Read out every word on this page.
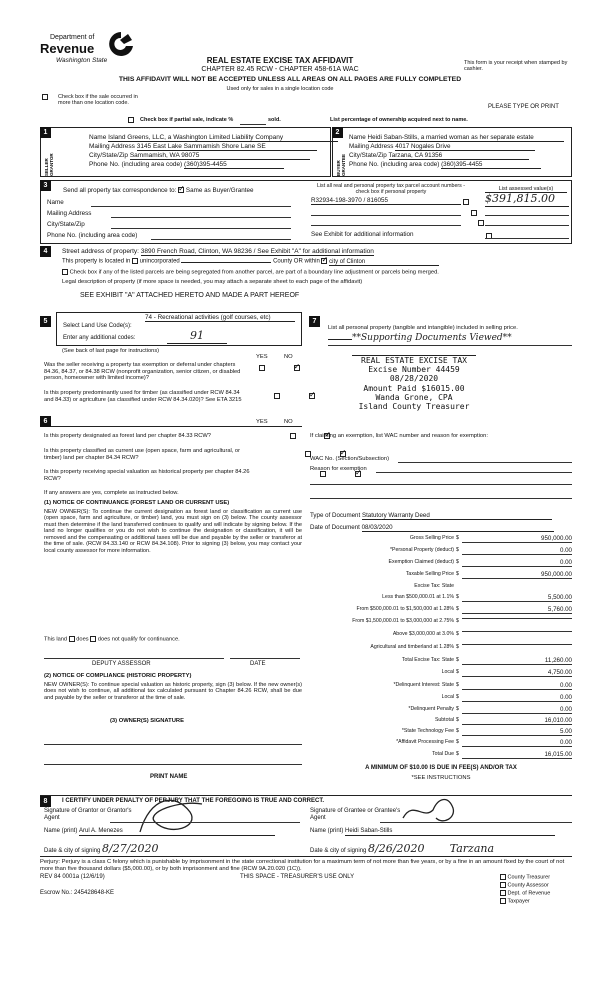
Department of
Revenue
Washington State	REAL ESTATE EXCISE TAX AFFIDAVIT
CHAPTER 82.45 RCW - CHAPTER 458-61A WAC
THIS AFFIDAVIT WILL NOT BE ACCEPTED UNLESS ALL AREAS ON ALL PAGES ARE FULLY COMPLETED
Used only for sales in a single location code
This form is your receipt when stamped by cashier.
Check box if the sale occurred in more than one location code.
PLEASE TYPE OR PRINT
Check box if partial sale, indicate %	sold.	List percentage of ownership acquired next to name.
1
SELLER GRANTOR
Name Island Greens, LLC, a Washington Limited Liability Company
Mailing Address 3145 East Lake Sammamish Shore Lane SE
City/State/Zip Sammamish, WA 98075
Phone No. (including area code) (360)395-4455
2
BUYER GRANTEE
Name Heidi Saban-Stills, a married woman as her separate estate
Mailing Address 4017 Nogales Drive
City/State/Zip Tarzana, CA 91356
Phone No. (including area code) (360)395-4455
3
Send all property tax correspondence to: ✓ Same as Buyer/Grantee
Name
Mailing Address
City/State/Zip
Phone No. (including area code)
List all real and personal property tax parcel account numbers - check box if personal property
List assessed value(s)
R32934-198-3970 / 816055
	$391,815.00

See Exhibit for additional information
4	Street address of property: 3890 French Road, Clinton, WA 98236 / See Exhibit "A" for additional information
This property is located in unincorporated	County OR within ✓ city of Clinton
Check box if any of the listed parcels are being segregated from another parcel, are part of a boundary line adjustment or parcels being merged.
Legal description of property (if more space is needed, you may attach a separate sheet to each page of the affidavit)
SEE EXHIBIT "A" ATTACHED HERETO AND MADE A PART HEREOF
5
Select Land Use Code(s):
74 - Recreational activities (golf courses, etc)
Enter any additional codes:	91
(See back of last page for instructions)
YES	NO
Was the seller receiving a property tax exemption or deferral under chapters 84.36, 84.37, or 84.38 RCW (nonprofit organization, senior citizen, or disabled person, homeowner with limited income)?
✓
Is this property predominantly used for timber (as classified under RCW 84.34 and 84.33) or agriculture (as classified under RCW 84.34.020)? See ETA 3215
✓
6	YES	NO
Is this property designated as forest land per chapter 84.33 RCW?
✓
Is this property classified as current use (open space, farm and agricultural, or timber) land per chapter 84.34 RCW?
✓
Is this property receiving special valuation as historical property per chapter 84.26 RCW?
✓
If any answers are yes, complete as instructed below.
(1) NOTICE OF CONTINUANCE (FOREST LAND OR CURRENT USE)
NEW OWNER(S): To continue the current designation as forest land or classification as current use (open space, farm and agriculture, or timber) land, you must sign on (3) below. The county assessor must then determine if the land transferred continues to qualify and will indicate by signing below. If the land no longer qualifies or you do not wish to continue the designation or classification, it will be removed and the compensating or additional taxes will be due and payable by the seller or transferor at the time of sale. (RCW 84.33.140 or RCW 84.34.108). Prior to signing (3) below, you may contact your local county assessor for more information.
This land does does not qualify for continuance.
DEPUTY ASSESSOR	DATE
(2) NOTICE OF COMPLIANCE (HISTORIC PROPERTY)
NEW OWNER(S): To continue special valuation as historic property, sign (3) below. If the new owner(s) does not wish to continue, all additional tax calculated pursuant to Chapter 84.26 RCW, shall be due and payable by the seller or transferor at the time of sale.
(3) OWNER(S) SIGNATURE
PRINT NAME
7
List all personal property (tangible and intangible) included in selling price.
**Supporting Documents Viewed**
REAL ESTATE EXCISE TAX
Excise Number 44459
08/28/2020
Amount Paid $16015.00
Wanda Grone, CPA
Island County Treasurer
If claiming an exemption, list WAC number and reason for exemption:
WAC No. (Section/Subsection)
Reason for exemption
Type of Document Statutory Warranty Deed
Date of Document 08/03/2020
Gross Selling Price $	950,000.00
*Personal Property (deduct) $	0.00
Exemption Claimed (deduct) $	0.00
Taxable Selling Price $	950,000.00
Excise Tax: State
Less than $500,000.01 at 1.1% $	5,500.00
From $500,000.01 to $1,500,000 at 1.28% $	5,760.00
From $1,500,000.01 to $3,000,000 at 2.75% $
Above $3,000,000 at 3.0% $
Agricultural and timberland at 1.28% $
Total Excise Tax: State $	11,260.00
Local $	4,750.00
*Delinquent Interest: State $	0.00
Local $	0.00
*Delinquent Penalty $	0.00
Subtotal $	16,010.00
*State Technology Fee $	5.00
*Affidavit Processing Fee $	0.00
Total Due $	16,015.00
A MINIMUM OF $10.00 IS DUE IN FEE(S) AND/OR TAX
*SEE INSTRUCTIONS
8	I CERTIFY UNDER PENALTY OF PERJURY THAT THE FOREGOING IS TRUE AND CORRECT.
Signature of Grantor or Grantor's Agent
Name (print) Arul A. Menezes
Date & city of signing 8/27/2020
Signature of Grantee or Grantee's Agent
Name (print) Heidi Saban-Stills
Date & city of signing 8/26/2020 Tarzana
Perjury: Perjury is a class C felony which is punishable by imprisonment in the state correctional institution for a maximum term of not more than five years, or by a fine in an amount fixed by the court of not more than five thousand dollars ($5,000.00), or by both imprisonment and fine (RCW 9A.20.020 (1C)).
REV 84 0001a (12/6/19)	THIS SPACE - TREASURER'S USE ONLY
Escrow No.: 245428648-KE
County Treasurer
County Assessor
Dept. of Revenue
Taxpayer
